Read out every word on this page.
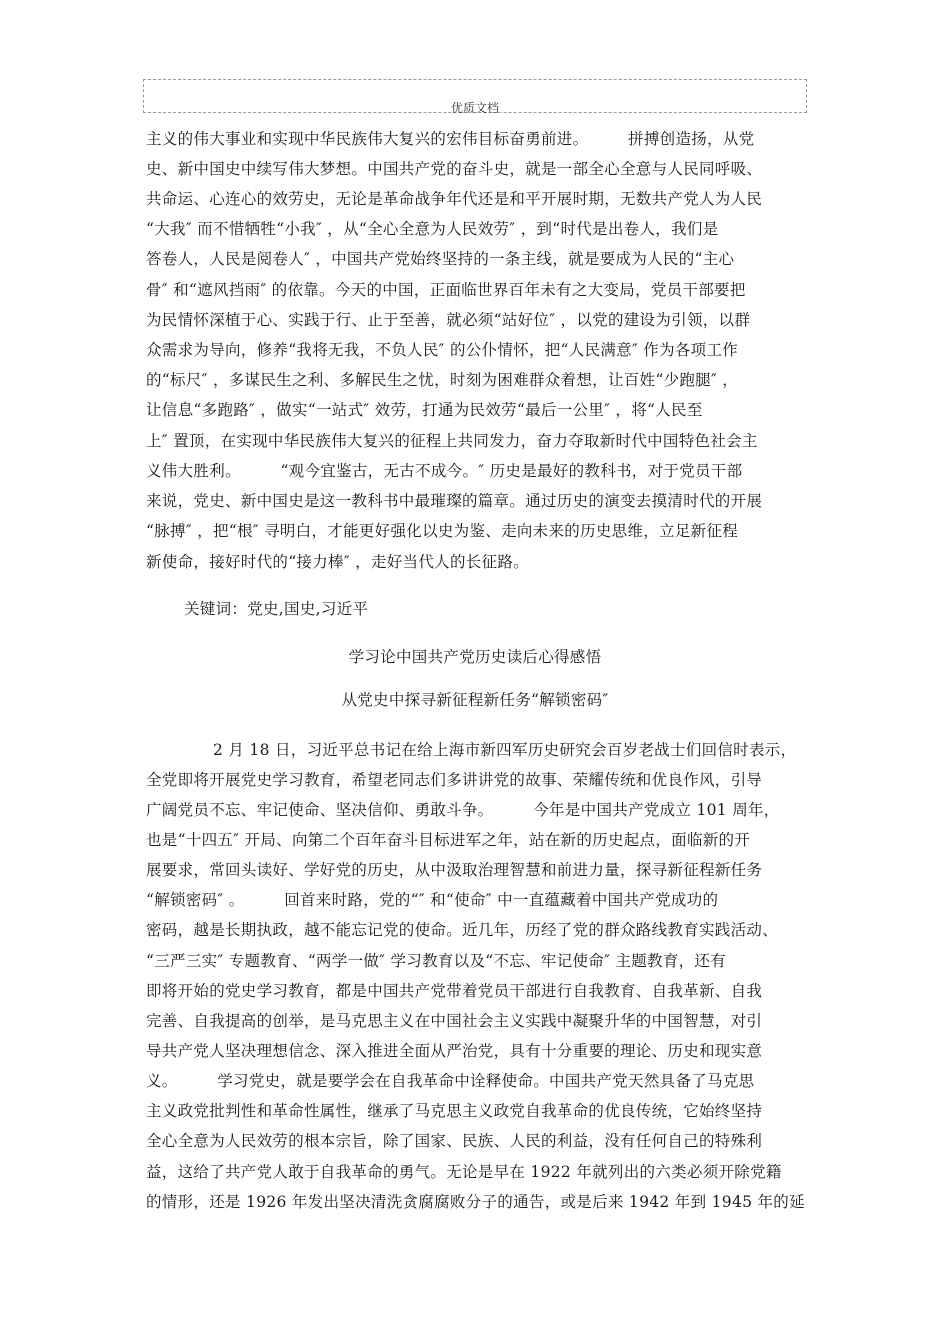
优质文档
主义的伟大事业和实现中华民族伟大复兴的宏伟目标奋勇前进。　　　拼搏创造扬，从党
史、新中国史中续写伟大梦想。中国共产党的奋斗史，就是一部全心全意与人民同呼吸、
共命运、心连心的效劳史，无论是革命战争年代还是和平开展时期，无数共产党人为人民
“大我″ 而不惜牺牲“小我″ ，从“全心全意为人民效劳″ ，到“时代是出卷人，我们是
答卷人，人民是阅卷人″ ，中国共产党始终坚持的一条主线，就是要成为人民的“主心
骨″ 和“遮风挡雨″ 的依靠。今天的中国，正面临世界百年未有之大变局，党员干部要把
为民情怀深植于心、实践于行、止于至善，就必须“站好位″ ，以党的建设为引领，以群
众需求为导向，修养“我将无我，不负人民″ 的公仆情怀，把“人民满意″ 作为各项工作
的“标尺″ ，多谋民生之利、多解民生之忧，时刻为困难群众着想，让百姓“少跑腿″ ，
让信息“多跑路″ ，做实“一站式″ 效劳，打通为民效劳“最后一公里″ ，将“人民至
上″ 置顶，在实现中华民族伟大复兴的征程上共同发力，奋力夺取新时代中国特色社会主
义伟大胜利。　　　“观今宜鉴古，无古不成今。″ 历史是最好的教科书，对于党员干部
来说，党史、新中国史是这一教科书中最璀璨的篇章。通过历史的演变去摸清时代的开展
“脉搏″ ，把“根″ 寻明白，才能更好强化以史为鉴、走向未来的历史思维，立足新征程
新使命，接好时代的“接力棒″ ，走好当代人的长征路。
关键词：党史,国史,习近平
学习论中国共产党历史读后心得感悟
从党史中探寻新征程新任务“解锁密码″
2 月 18 日，习近平总书记在给上海市新四军历史研究会百岁老战士们回信时表示，
全党即将开展党史学习教育，希望老同志们多讲讲党的故事、荣耀传统和优良作风，引导
广阔党员不忘、牢记使命、坚决信仰、勇敢斗争。　　　今年是中国共产党成立 101 周年，
也是“十四五″ 开局、向第二个百年奋斗目标进军之年，站在新的历史起点，面临新的开
展要求，常回头读好、学好党的历史，从中汲取治理智慧和前进力量，探寻新征程新任务
“解锁密码″ 。　　　回首来时路，党的“″ 和“使命″ 中一直蕴藏着中国共产党成功的
密码，越是长期执政，越不能忘记党的使命。近几年，历经了党的群众路线教育实践活动、
“三严三实″ 专题教育、“两学一做″ 学习教育以及“不忘、牢记使命″ 主题教育，还有
即将开始的党史学习教育，都是中国共产党带着党员干部进行自我教育、自我革新、自我
完善、自我提高的创举，是马克思主义在中国社会主义实践中凝聚升华的中国智慧，对引
导共产党人坚决理想信念、深入推进全面从严治党，具有十分重要的理论、历史和现实意
义。　　　学习党史，就是要学会在自我革命中诠释使命。中国共产党天然具备了马克思
主义政党批判性和革命性属性，继承了马克思主义政党自我革命的优良传统，它始终坚持
全心全意为人民效劳的根本宗旨，除了国家、民族、人民的利益，没有任何自己的特殊利
益，这给了共产党人敢于自我革命的勇气。无论是早在 1922 年就列出的六类必须开除党籍
的情形，还是 1926 年发出坚决清洗贪腐腐败分子的通告，或是后来 1942 年到 1945 年的延
